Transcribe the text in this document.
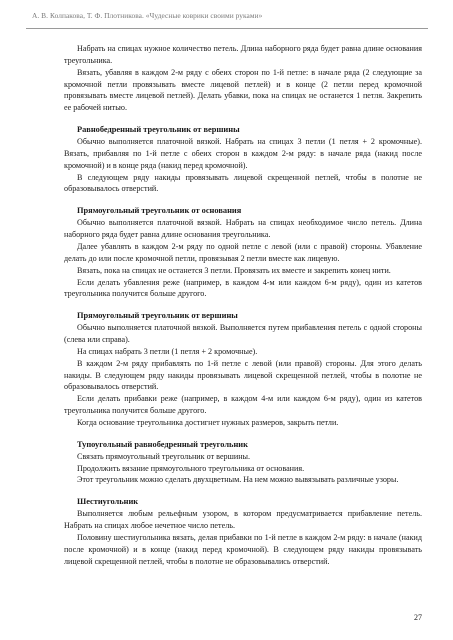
А. В. Колпакова, Т. Ф. Плотникова. «Чудесные коврики своими руками»

Набрать на спицах нужное количество петель. Длина наборного ряда будет равна длине основания треугольника.

Вязать, убавляя в каждом 2-м ряду с обеих сторон по 1-й петле: в начале ряда (2 следующие за кромочной петли провязывать вместе лицевой петлей) и в конце (2 петли перед кромочной провязывать вместе лицевой петлей). Делать убавки, пока на спицах не останется 1 петля. Закрепить ее рабочей нитью.

Равнобедренный треугольник от вершины

Обычно выполняется платочной вязкой. Набрать на спицах 3 петли (1 петля + 2 кромочные). Вязать, прибавляя по 1-й петле с обеих сторон в каждом 2-м ряду: в начале ряда (накид после кромочной) и в конце ряда (накид перед кромочной).

В следующем ряду накиды провязывать лицевой скрещенной петлей, чтобы в полотне не образовывалось отверстий.

Прямоугольный треугольник от основания

Обычно выполняется платочной вязкой. Набрать на спицах необходимое число петель. Длина наборного ряда будет равна длине основания треугольника.

Далее убавлять в каждом 2-м ряду по одной петле с левой (или с правой) стороны. Убавление делать до или после кромочной петли, провязывая 2 петли вместе как лицевую.

Вязать, пока на спицах не останется 3 петли. Провязать их вместе и закрепить конец нити.

Если делать убавления реже (например, в каждом 4-м или каждом 6-м ряду), один из катетов треугольника получится больше другого.

Прямоугольный треугольник от вершины

Обычно выполняется платочной вязкой. Выполняется путем прибавления петель с одной стороны (слева или справа).

На спицах набрать 3 петли (1 петля + 2 кромочные).

В каждом 2-м ряду прибавлять по 1-й петле с левой (или правой) стороны. Для этого делать накиды. В следующем ряду накиды провязывать лицевой скрещенной петлей, чтобы в полотне не образовывалось отверстий.

Если делать прибавки реже (например, в каждом 4-м или каждом 6-м ряду), один из катетов треугольника получится больше другого.

Когда основание треугольника достигнет нужных размеров, закрыть петли.

Тупоугольный равнобедренный треугольник

Связать прямоугольный треугольник от вершины.

Продолжить вязание прямоугольного треугольника от основания.

Этот треугольник можно сделать двухцветным. На нем можно вывязывать различные узоры.

Шестиугольник

Выполняется любым рельефным узором, в котором предусматривается прибавление петель. Набрать на спицах любое нечетное число петель.

Половину шестиугольника вязать, делая прибавки по 1-й петле в каждом 2-м ряду: в начале (накид после кромочной) и в конце (накид перед кромочной). В следующем ряду накиды провязывать лицевой скрещенной петлей, чтобы в полотне не образовывались отверстий.

27
